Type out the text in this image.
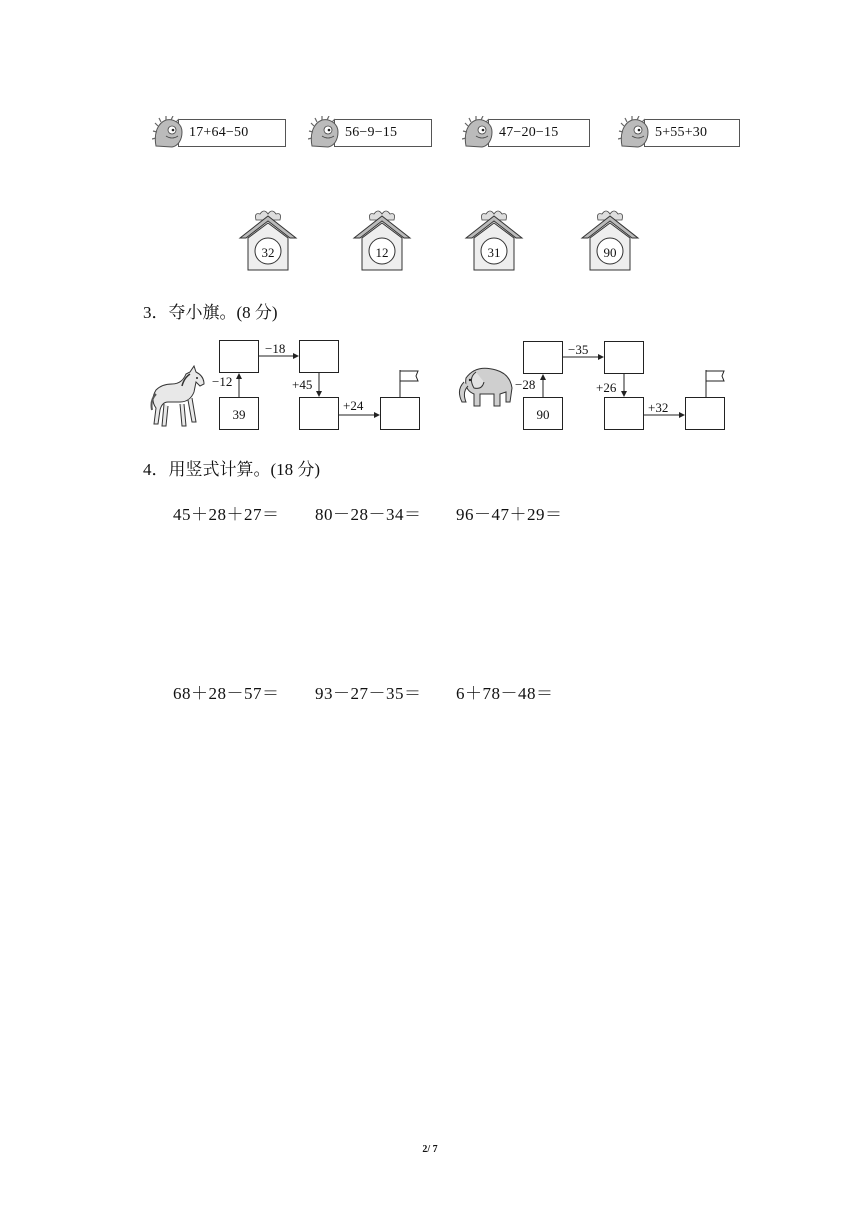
17+64−50	56−9−15	47−20−15	5+55+30
32	12	31	90
3．夺小旗。(8 分)
39
−12
−18
+45
+24
90
−28
−35
+26
+32
4．用竖式计算。(18 分)
45＋28＋27＝ 80－28－34＝ 96－47＋29＝
68＋28－57＝ 93－27－35＝ 6＋78－48＝
2/ 7
